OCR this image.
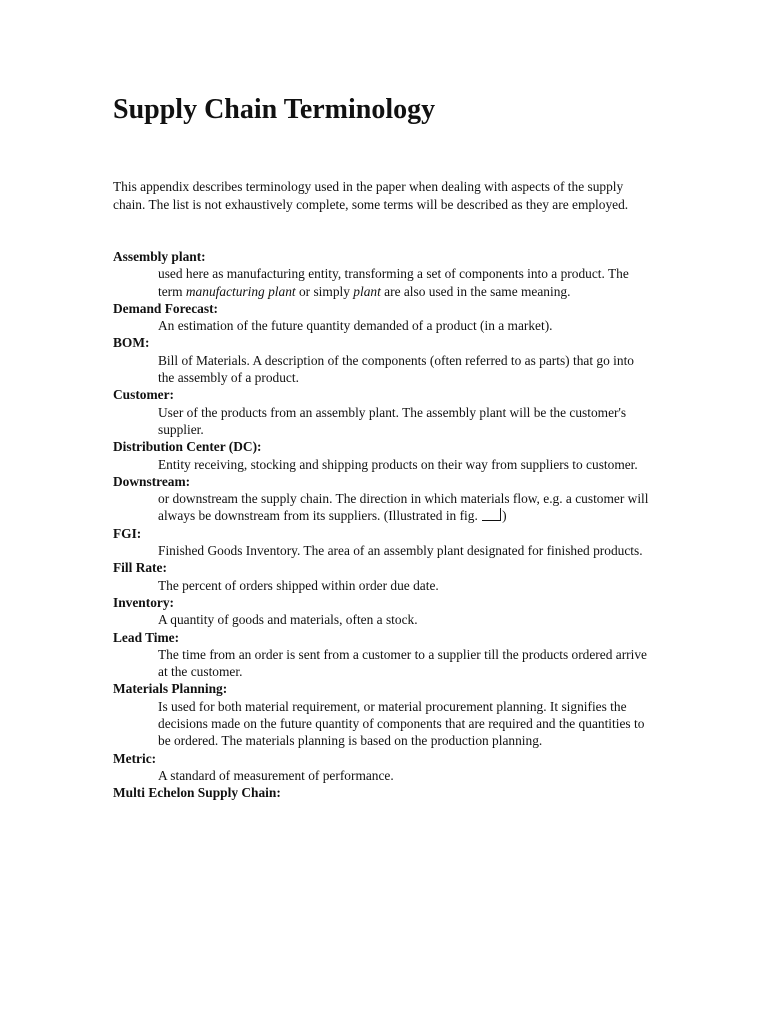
Supply Chain Terminology

This appendix describes terminology used in the paper when dealing with aspects of the supply chain. The list is not exhaustively complete, some terms will be described as they are employed.

Assembly plant:
used here as manufacturing entity, transforming a set of components into a product. The term manufacturing plant or simply plant are also used in the same meaning.
Demand Forecast:
An estimation of the future quantity demanded of a product (in a market).
BOM:
Bill of Materials. A description of the components (often referred to as parts) that go into the assembly of a product.
Customer:
User of the products from an assembly plant. The assembly plant will be the customer's supplier.
Distribution Center (DC):
Entity receiving, stocking and shipping products on their way from suppliers to customer.
Downstream:
or downstream the supply chain. The direction in which materials flow, e.g. a customer will always be downstream from its suppliers. (Illustrated in fig. )
FGI:
Finished Goods Inventory. The area of an assembly plant designated for finished products.
Fill Rate:
The percent of orders shipped within order due date.
Inventory:
A quantity of goods and materials, often a stock.
Lead Time:
The time from an order is sent from a customer to a supplier till the products ordered arrive at the customer.
Materials Planning:
Is used for both material requirement, or material procurement planning. It signifies the decisions made on the future quantity of components that are required and the quantities to be ordered. The materials planning is based on the production planning.
Metric:
A standard of measurement of performance.
Multi Echelon Supply Chain:
